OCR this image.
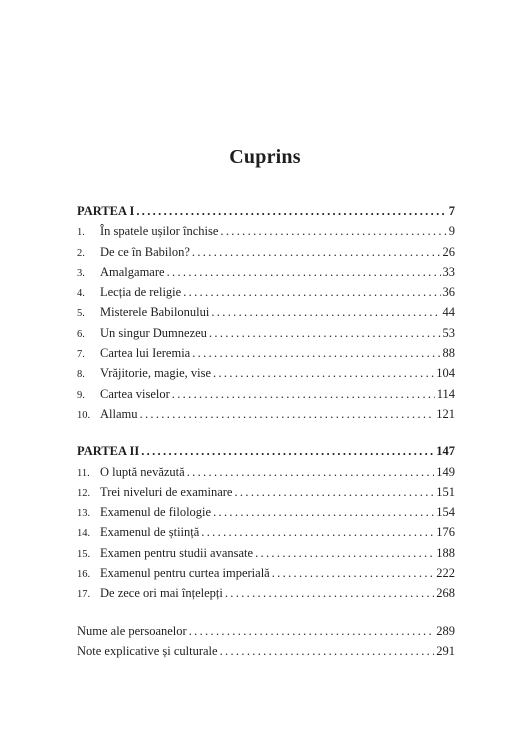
Cuprins
PARTEA I . . .	7
1.	În spatele ușilor închise . . .	9
2.	De ce în Babilon? . . .	26
3.	Amalgamare . . .	33
4.	Lecția de religie . . .	36
5.	Misterele Babilonului . . .	44
6.	Un singur Dumnezeu . . .	53
7.	Cartea lui Ieremia . . .	88
8.	Vrăjitorie, magie, vise . . .	104
9.	Cartea viselor . . .	114
10. Allamu . . .	121
PARTEA II . . .	147
11. O luptă nevăzută . . .	149
12. Trei niveluri de examinare . . .	151
13. Examenul de filologie . . .	154
14. Examenul de știință . . .	176
15. Examen pentru studii avansate . . .	188
16. Examenul pentru curtea imperială . . .	222
17. De zece ori mai înțelepți . . .	268
Nume ale persoanelor . . .	289
Note explicative și culturale . . .	291
